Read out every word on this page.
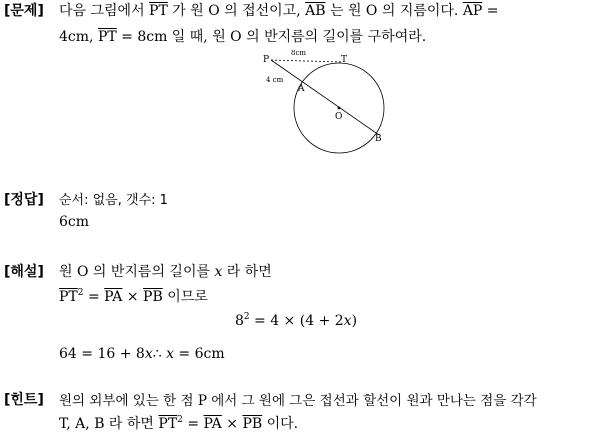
[문제] 다음 그림에서 $\overline{PT}$ 가 원 O 의 접선이고, $\overline{AB}$ 는 원 O 의 지름이다. $\overline{AP}$ =
4cm, $\overline{PT} = 8cm$ 일 때, 원 O 의 반지름의 길이를 구하여라.
P	T
A
O
B
8cm
4 cm
[정답] 순서: 없음, 갯수: 1
6cm
[해설] 원 O 의 반지름의 길이를 x 라 하면
$\overline{PT}^2 = \overline{PA} \times \overline{PB}$ 이므로
$8^2 = 4 \times (4 + 2x)$
64 = 16 + 8x∴ x = 6cm
[힌트] 원의 외부에 있는 한 점 P 에서 그 원에 그은 접선과 할선이 원과 만나는 점을 각각
T, A, B 라 하면 $\overline{PT}^2 = \overline{PA} \times \overline{PB}$ 이다.
